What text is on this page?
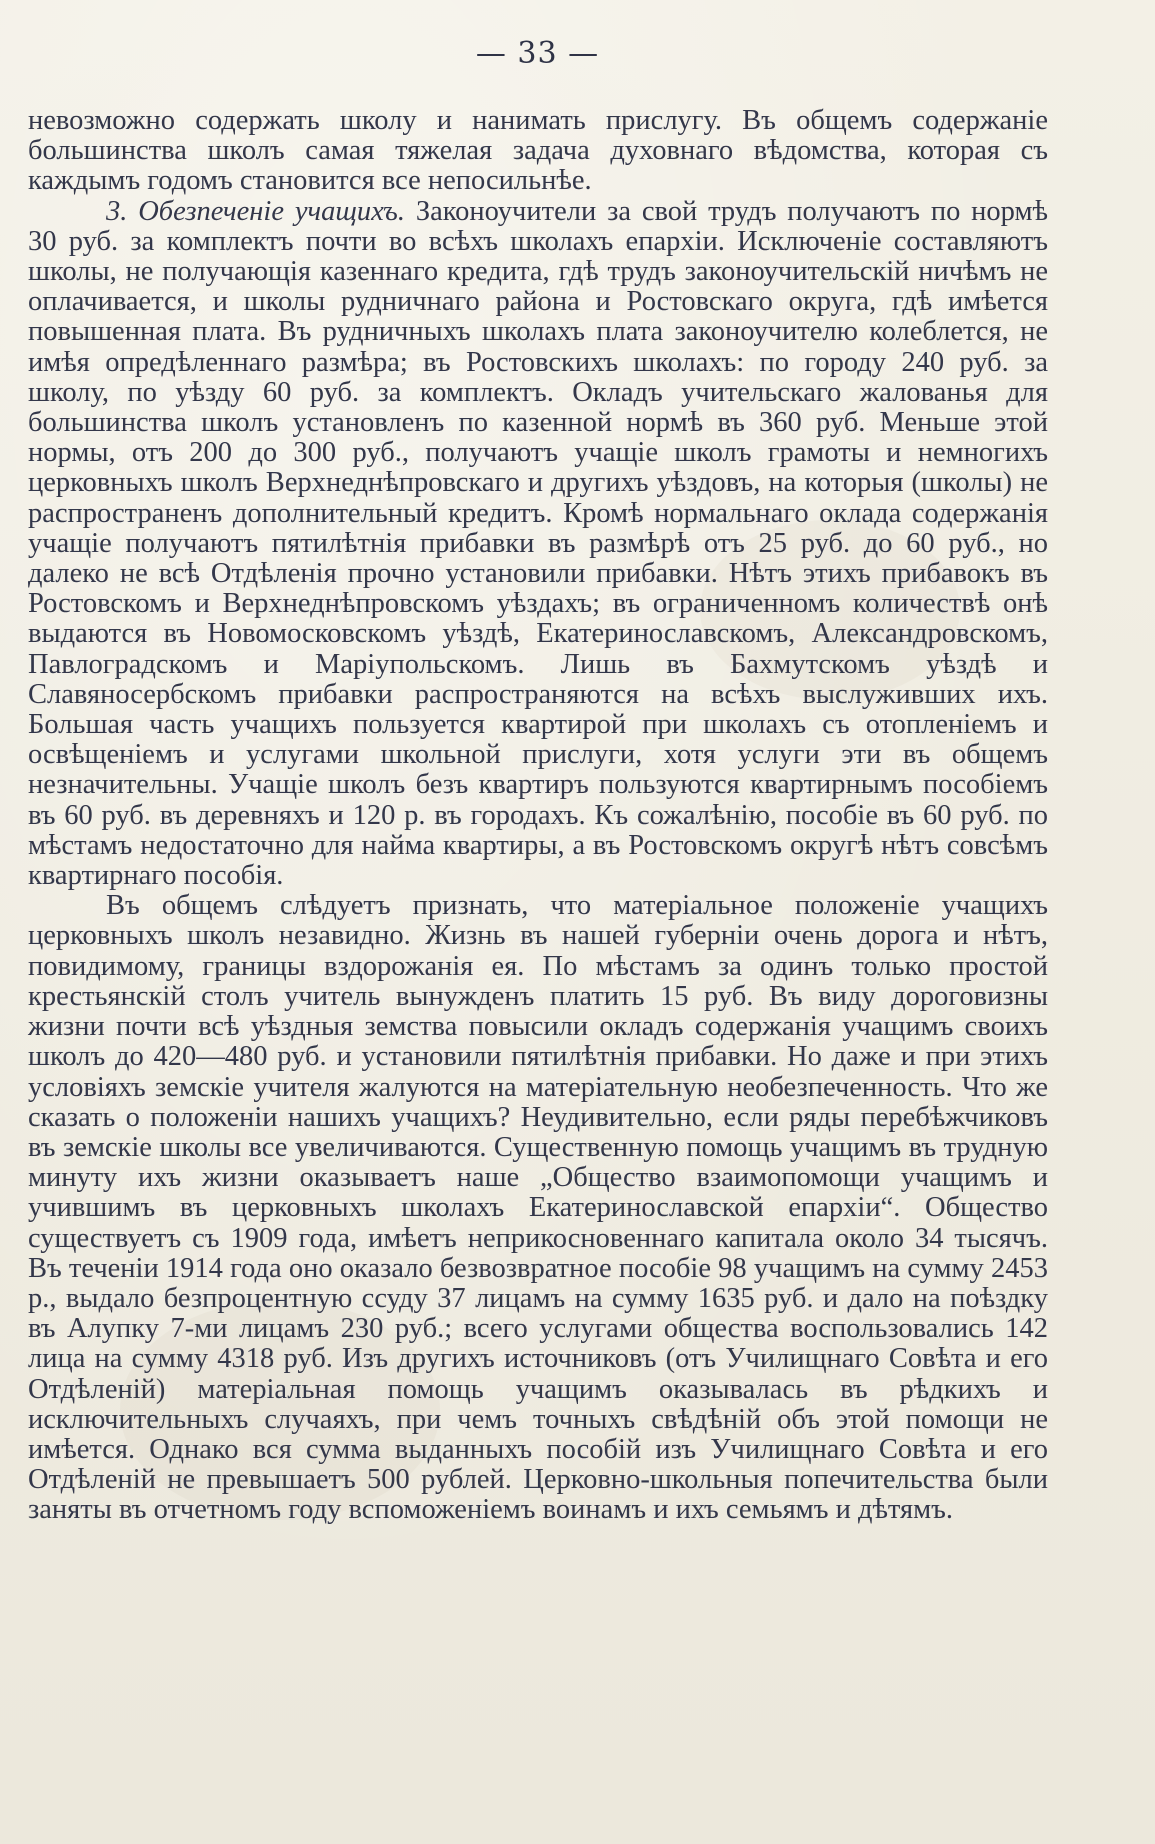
— 33 —

невозможно содержать школу и нанимать прислугу. Въ общемъ содержанiе большинства школъ самая тяжелая задача духовнаго вѣдомства, которая съ каждымъ годомъ становится все непосильнѣе.

3. Обезпеченiе учащихъ. Законоучители за свой трудъ получаютъ по нормѣ 30 руб. за комплектъ почти во всѣхъ школахъ епархiи. Исключенiе составляютъ школы, не получающiя казеннаго кредита, гдѣ трудъ законоучительскiй ничѣмъ не оплачивается, и школы рудничнаго района и Ростовскаго округа, гдѣ имѣется повышенная плата. Въ рудничныхъ школахъ плата законоучителю колеблется, не имѣя опредѣленнаго размѣра; въ Ростовскихъ школахъ: по городу 240 руб. за школу, по уѣзду 60 руб. за комплектъ. Окладъ учительскаго жалованья для большинства школъ установленъ по казенной нормѣ въ 360 руб. Меньше этой нормы, отъ 200 до 300 руб., получаютъ учащiе школъ грамоты и немногихъ церковныхъ школъ Верхнеднѣпровскаго и другихъ уѣздовъ, на которыя (школы) не распространенъ дополнительный кредитъ. Кромѣ нормальнаго оклада содержанiя учащiе получаютъ пятилѣтнiя прибавки въ размѣрѣ отъ 25 руб. до 60 руб., но далеко не всѣ Отдѣленiя прочно установили прибавки. Нѣтъ этихъ прибавокъ въ Ростовскомъ и Верхнеднѣпровскомъ уѣздахъ; въ ограниченномъ количествѣ онѣ выдаются въ Новомосковскомъ уѣздѣ, Екатеринославскомъ, Александровскомъ, Павлоградскомъ и Марiупольскомъ. Лишь въ Бахмутскомъ уѣздѣ и Славяносербскомъ прибавки распространяются на всѣхъ выслуживших ихъ. Большая часть учащихъ пользуется квартирой при школахъ съ отопленiемъ и освѣщенiемъ и услугами школьной прислуги, хотя услуги эти въ общемъ незначительны. Учащiе школъ безъ квартиръ пользуются квартирнымъ пособiемъ въ 60 руб. въ деревняхъ и 120 р. въ городахъ. Къ сожалѣнiю, пособiе въ 60 руб. по мѣстамъ недостаточно для найма квартиры, а въ Ростовскомъ округѣ нѣтъ совсѣмъ квартирнаго пособiя.

Въ общемъ слѣдуетъ признать, что матерiальное положенiе учащихъ церковныхъ школъ незавидно. Жизнь въ нашей губернiи очень дорога и нѣтъ, повидимому, границы вздорожанiя ея. По мѣстамъ за одинъ только простой крестьянскiй столъ учитель вынужденъ платить 15 руб. Въ виду дороговизны жизни почти всѣ уѣздныя земства повысили окладъ содержанiя учащимъ своихъ школъ до 420—480 руб. и установили пятилѣтнiя прибавки. Но даже и при этихъ условiяхъ земскiе учителя жалуются на матерiательную необезпеченность. Что же сказать о положенiи нашихъ учащихъ? Неудивительно, если ряды перебѣжчиковъ въ земскiе школы все увеличиваются. Существенную помощь учащимъ въ трудную минуту ихъ жизни оказываетъ наше „Общество взаимопомощи учащимъ и учившимъ въ церковныхъ школахъ Екатеринославской епархiи“. Общество существуетъ съ 1909 года, имѣетъ неприкосновеннаго капитала около 34 тысячъ. Въ теченiи 1914 года оно оказало безвозвратное пособiе 98 учащимъ на сумму 2453 р., выдало безпроцентную ссуду 37 лицамъ на сумму 1635 руб. и дало на поѣздку въ Алупку 7-ми лицамъ 230 руб.; всего услугами общества воспользовались 142 лица на сумму 4318 руб. Изъ другихъ источниковъ (отъ Училищнаго Совѣта и его Отдѣленiй) матерiальная помощь учащимъ оказывалась въ рѣдкихъ и исключительныхъ случаяхъ, при чемъ точныхъ свѣдѣнiй объ этой помощи не имѣется. Однако вся сумма выданныхъ пособiй изъ Училищнаго Совѣта и его Отдѣленiй не превышаетъ 500 рублей. Церковно-школьныя попечительства были заняты въ отчетномъ году вспоможенiемъ воинамъ и ихъ семьямъ и дѣтямъ.
